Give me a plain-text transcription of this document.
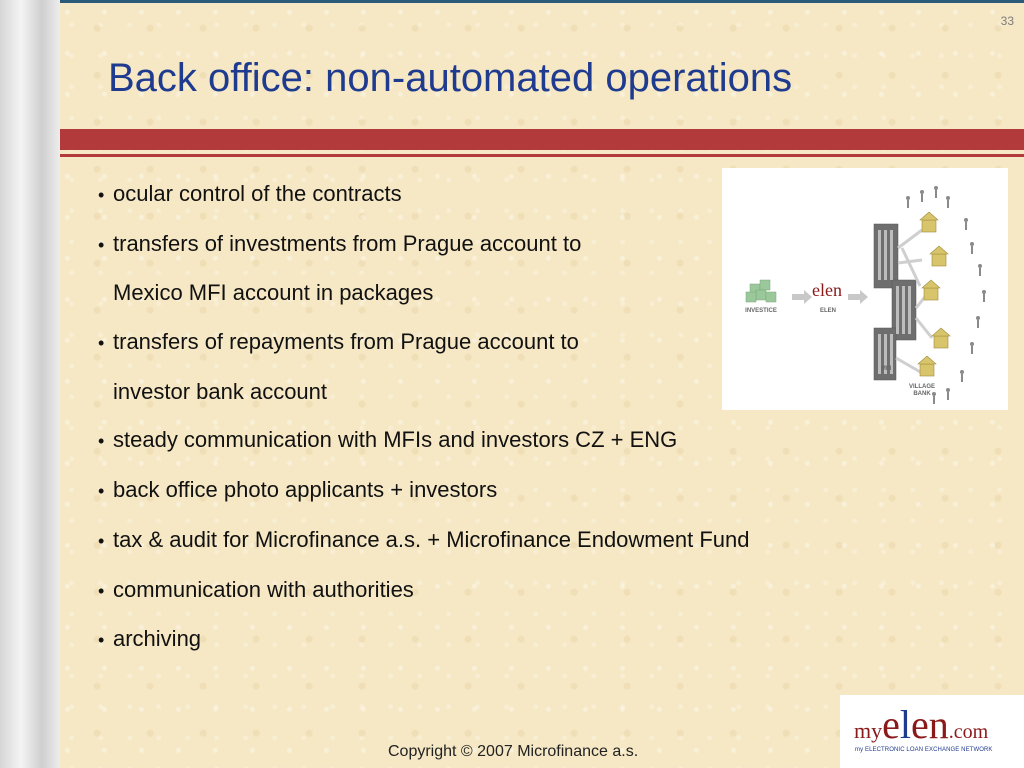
33
Back office: non-automated operations
• ocular control of the contracts
• transfers of investments from Prague account to
Mexico MFI account in packages
• transfers of repayments from Prague account to
investor bank account
• steady communication with MFIs and investors CZ + ENG
• back office photo applicants + investors
• tax & audit for Microfinance a.s. + Microfinance Endowment Fund
• communication with authorities
• archiving
INVESTICE
elen
ELEN
MFI
VILLAGE
BANK
myelen.com
my ELECTRONIC LOAN EXCHANGE NETWORK
Copyright © 2007 Microfinance a.s.
